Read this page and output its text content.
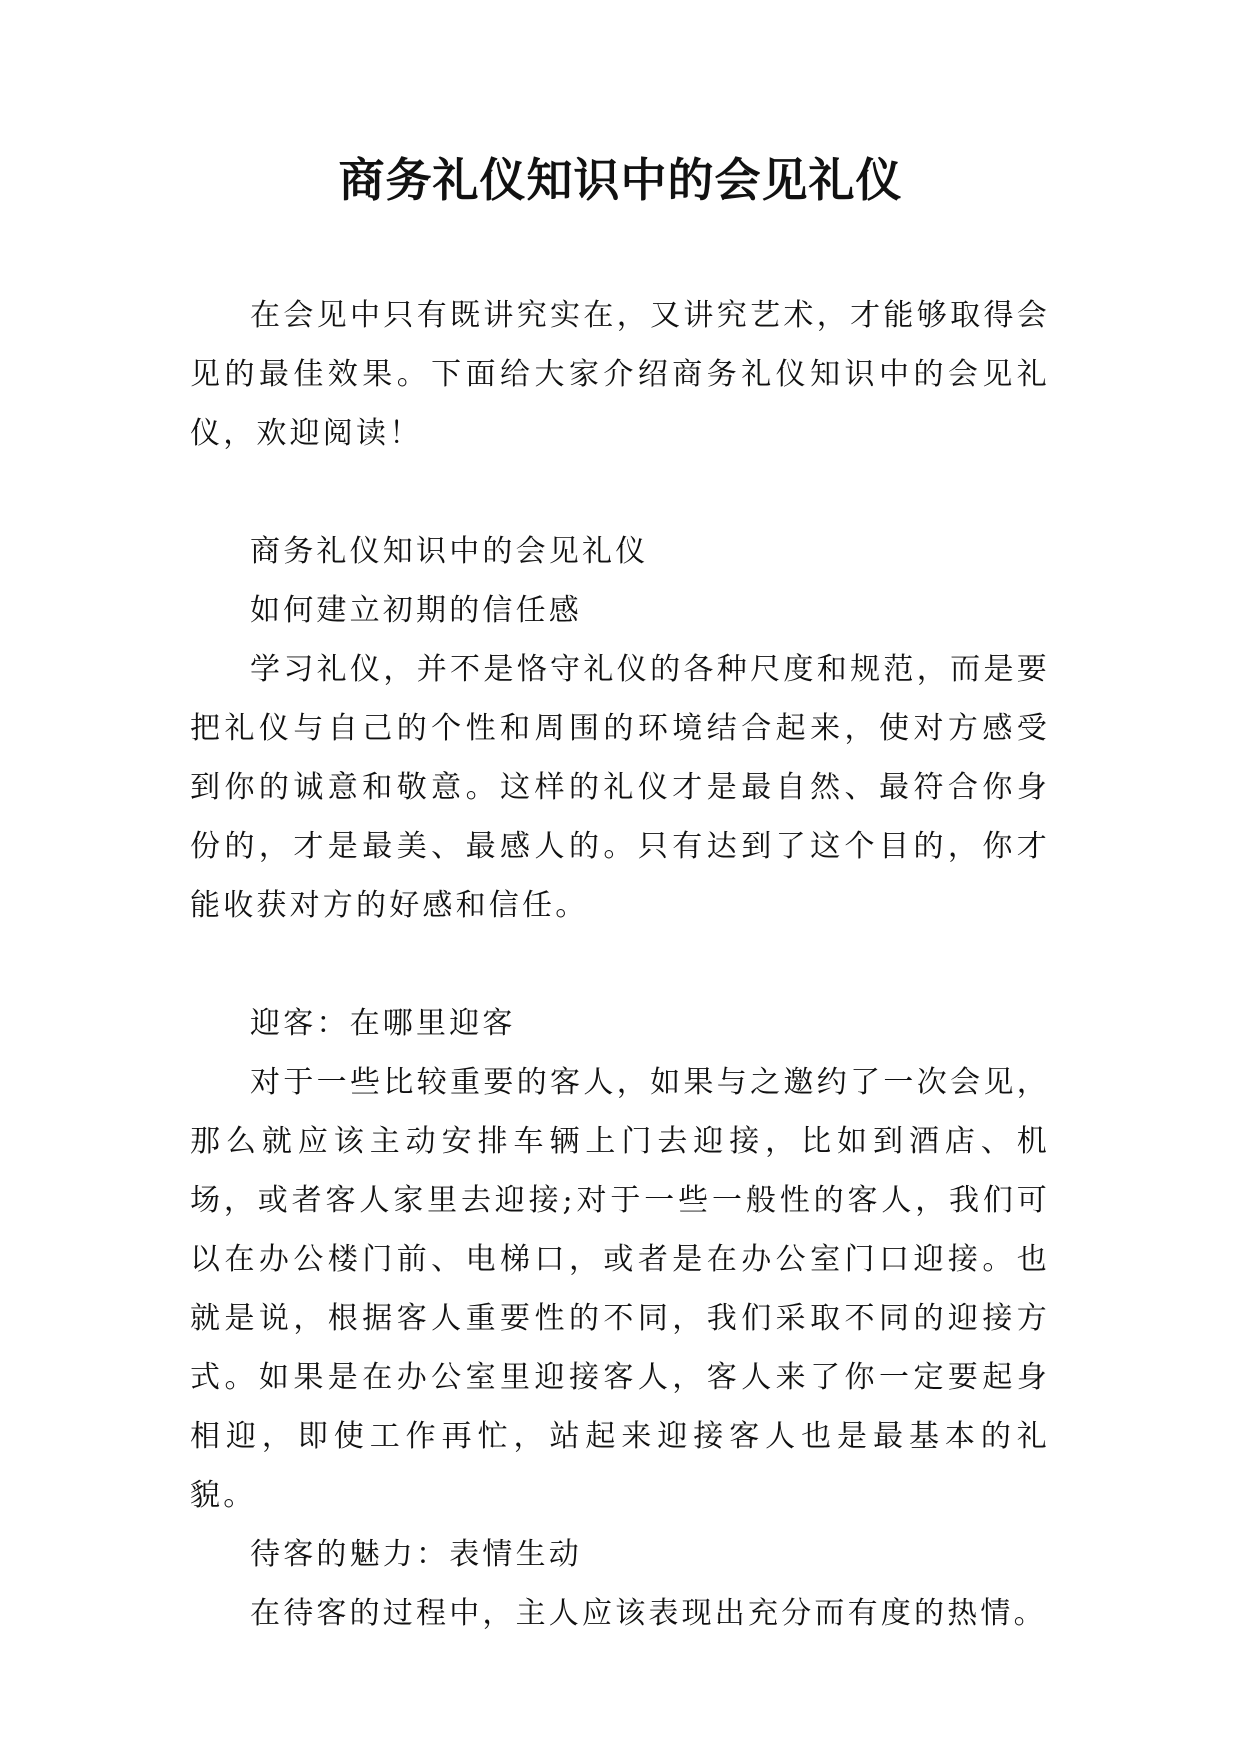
商务礼仪知识中的会见礼仪

在会见中只有既讲究实在，又讲究艺术，才能够取得会见的最佳效果。下面给大家介绍商务礼仪知识中的会见礼仪，欢迎阅读！

商务礼仪知识中的会见礼仪

如何建立初期的信任感

学习礼仪，并不是恪守礼仪的各种尺度和规范，而是要把礼仪与自己的个性和周围的环境结合起来，使对方感受到你的诚意和敬意。这样的礼仪才是最自然、最符合你身份的，才是最美、最感人的。只有达到了这个目的，你才能收获对方的好感和信任。

迎客：在哪里迎客

对于一些比较重要的客人，如果与之邀约了一次会见，那么就应该主动安排车辆上门去迎接，比如到酒店、机场，或者客人家里去迎接;对于一些一般性的客人，我们可以在办公楼门前、电梯口，或者是在办公室门口迎接。也就是说，根据客人重要性的不同，我们采取不同的迎接方式。如果是在办公室里迎接客人，客人来了你一定要起身相迎，即使工作再忙，站起来迎接客人也是最基本的礼貌。

待客的魅力：表情生动

在待客的过程中，主人应该表现出充分而有度的热情。
